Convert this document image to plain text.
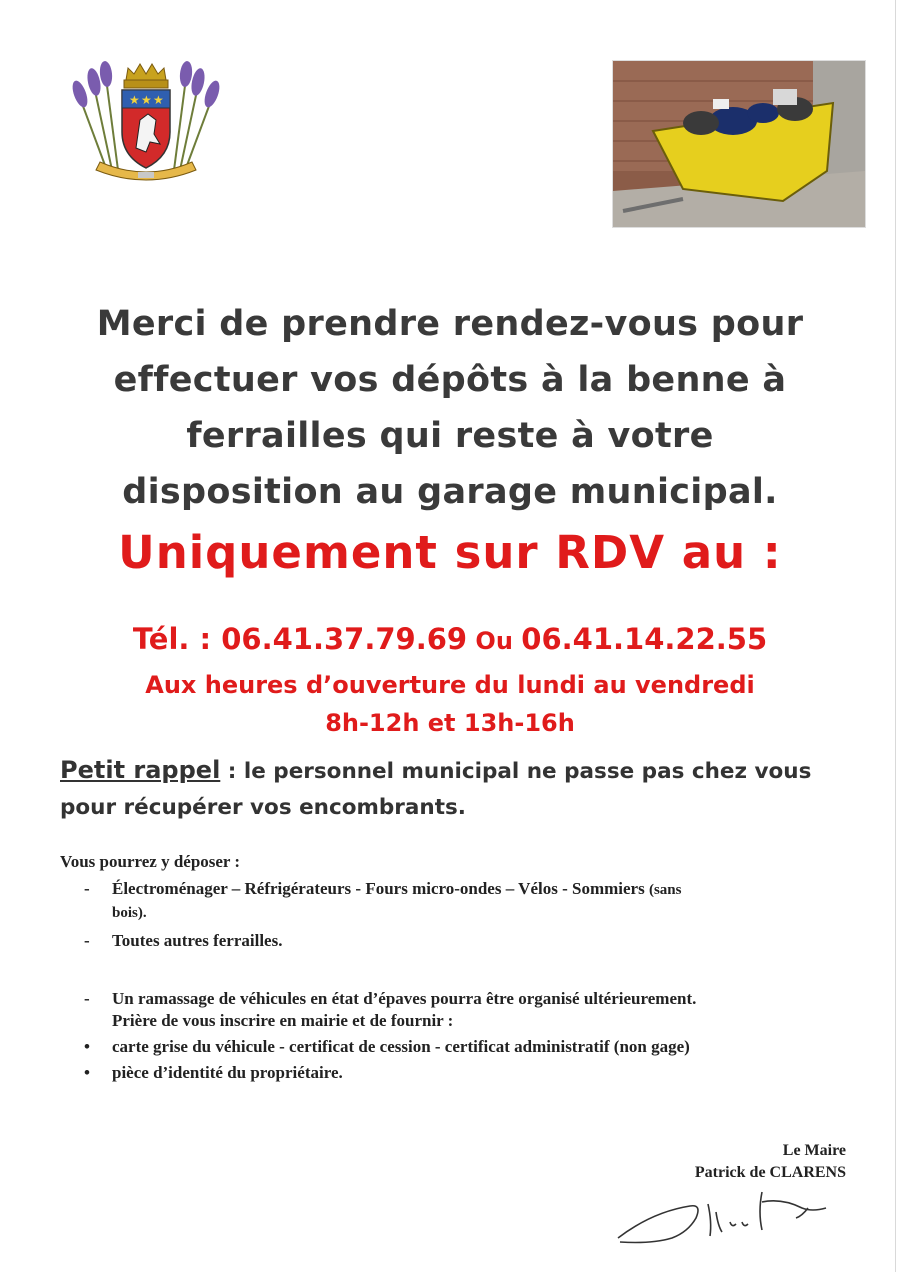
★ ★ ★
Merci de prendre rendez-vous pour
effectuer vos dépôts à la benne à
ferrailles qui reste à votre
disposition au garage municipal.
Uniquement sur RDV au :
Tél. : 06.41.37.79.69 Ou 06.41.14.22.55
Aux heures d’ouverture du lundi au vendredi
8h-12h et 13h-16h
Petit rappel : le personnel municipal ne passe pas chez vous pour récupérer vos encombrants.
Vous pourrez y déposer :
-	Électroménager – Réfrigérateurs - Fours micro-ondes – Vélos - Sommiers (sans
bois).
-	Toutes autres ferrailles.
-	Un ramassage de véhicules en état d’épaves pourra être organisé ultérieurement.
Prière de vous inscrire en mairie et de fournir :
•	carte grise du véhicule - certificat de cession - certificat administratif (non gage)
•	pièce d’identité du propriétaire.
Le Maire
Patrick de CLARENS
